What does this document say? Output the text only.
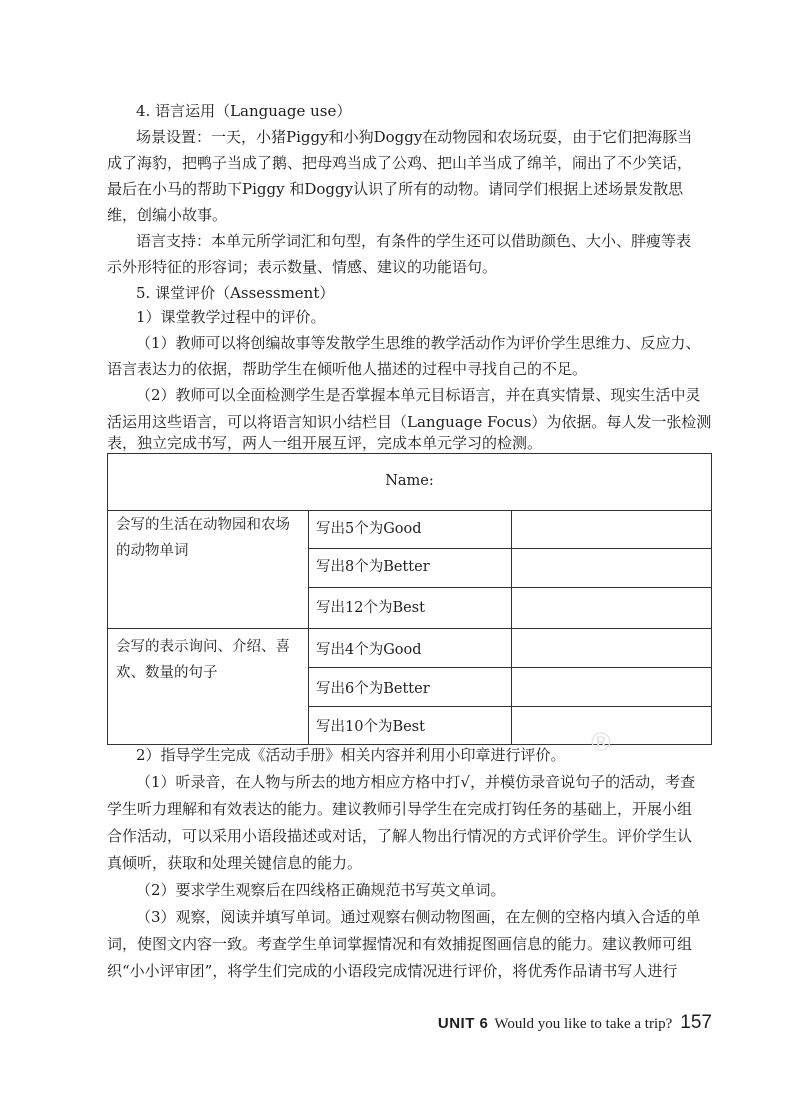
4. 语言运用（Language use）

场景设置：一天，小猪Piggy和小狗Doggy在动物园和农场玩耍，由于它们把海豚当

成了海豹，把鸭子当成了鹅、把母鸡当成了公鸡、把山羊当成了绵羊，闹出了不少笑话，

最后在小马的帮助下Piggy 和Doggy认识了所有的动物。请同学们根据上述场景发散思

维，创编小故事。

语言支持：本单元所学词汇和句型，有条件的学生还可以借助颜色、大小、胖瘦等表

示外形特征的形容词；表示数量、情感、建议的功能语句。

5. 课堂评价（Assessment）

1）课堂教学过程中的评价。

（1）教师可以将创编故事等发散学生思维的教学活动作为评价学生思维力、反应力、

语言表达力的依据，帮助学生在倾听他人描述的过程中寻找自己的不足。

（2）教师可以全面检测学生是否掌握本单元目标语言，并在真实情景、现实生活中灵

活运用这些语言，可以将语言知识小结栏目（Language Focus）为依据。每人发一张检测

Name:
会写的生活在动物园和农场
的动物单词
写出5个为Good
写出8个为Better
写出12个为Best
会写的表示询问、介绍、喜
欢、数量的句子
写出4个为Good
写出6个为Better
写出10个为Best

2）指导学生完成《活动手册》相关内容并利用小印章进行评价。

（1）听录音，在人物与所去的地方相应方格中打√，并模仿录音说句子的活动，考查

学生听力理解和有效表达的能力。建议教师引导学生在完成打钩任务的基础上，开展小组

合作活动，可以采用小语段描述或对话，了解人物出行情况的方式评价学生。评价学生认

真倾听，获取和处理关键信息的能力。

（2）要求学生观察后在四线格正确规范书写英文单词。

（3）观察，阅读并填写单词。通过观察右侧动物图画，在左侧的空格内填入合适的单

词，使图文内容一致。考查学生单词掌握情况和有效捕捉图画信息的能力。建议教师可组

织“小小评审团”，将学生们完成的小语段完成情况进行评价，将优秀作品请书写人进行

®
UNIT 6 Would you like to take a trip? 157

表，独立完成书写，两人一组开展互评，完成本单元学习的检测。
